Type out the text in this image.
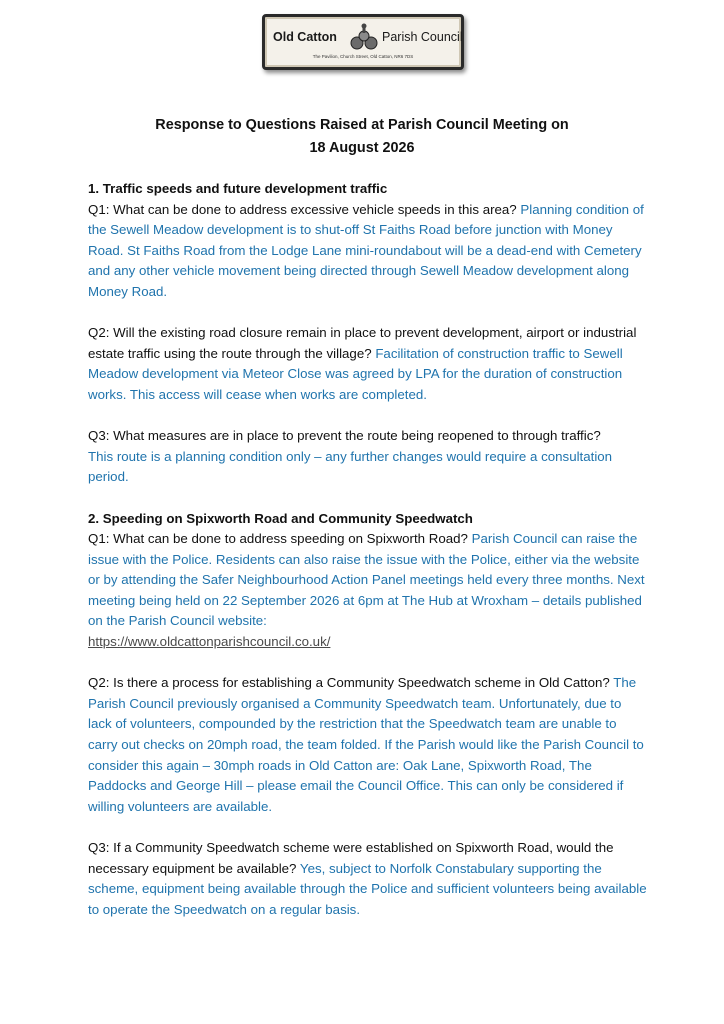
Old Catton	Parish Council
The Pavilion, Church Street, Old Catton, NR6 7DS
Response to Questions Raised at Parish Council Meeting on
18 August 2026

1. Traffic speeds and future development traffic
Q1: What can be done to address excessive vehicle speeds in this area? Planning condition of the Sewell Meadow development is to shut-off St Faiths Road before junction with Money Road. St Faiths Road from the Lodge Lane mini-roundabout will be a dead-end with Cemetery and any other vehicle movement being directed through Sewell Meadow development along Money Road.

Q2: Will the existing road closure remain in place to prevent development, airport or industrial estate traffic using the route through the village? Facilitation of construction traffic to Sewell Meadow development via Meteor Close was agreed by LPA for the duration of construction works. This access will cease when works are completed.

Q3: What measures are in place to prevent the route being reopened to through traffic?
This route is a planning condition only – any further changes would require a consultation period.

2. Speeding on Spixworth Road and Community Speedwatch
Q1: What can be done to address speeding on Spixworth Road? Parish Council can raise the issue with the Police. Residents can also raise the issue with the Police, either via the website or by attending the Safer Neighbourhood Action Panel meetings held every three months. Next meeting being held on 22 September 2026 at 6pm at The Hub at Wroxham – details published on the Parish Council website:
https://www.oldcattonparishcouncil.co.uk/

Q2: Is there a process for establishing a Community Speedwatch scheme in Old Catton? The Parish Council previously organised a Community Speedwatch team. Unfortunately, due to lack of volunteers, compounded by the restriction that the Speedwatch team are unable to carry out checks on 20mph road, the team folded. If the Parish would like the Parish Council to consider this again – 30mph roads in Old Catton are: Oak Lane, Spixworth Road, The Paddocks and George Hill – please email the Council Office. This can only be considered if willing volunteers are available.

Q3: If a Community Speedwatch scheme were established on Spixworth Road, would the necessary equipment be available? Yes, subject to Norfolk Constabulary supporting the scheme, equipment being available through the Police and sufficient volunteers being available to operate the Speedwatch on a regular basis.
